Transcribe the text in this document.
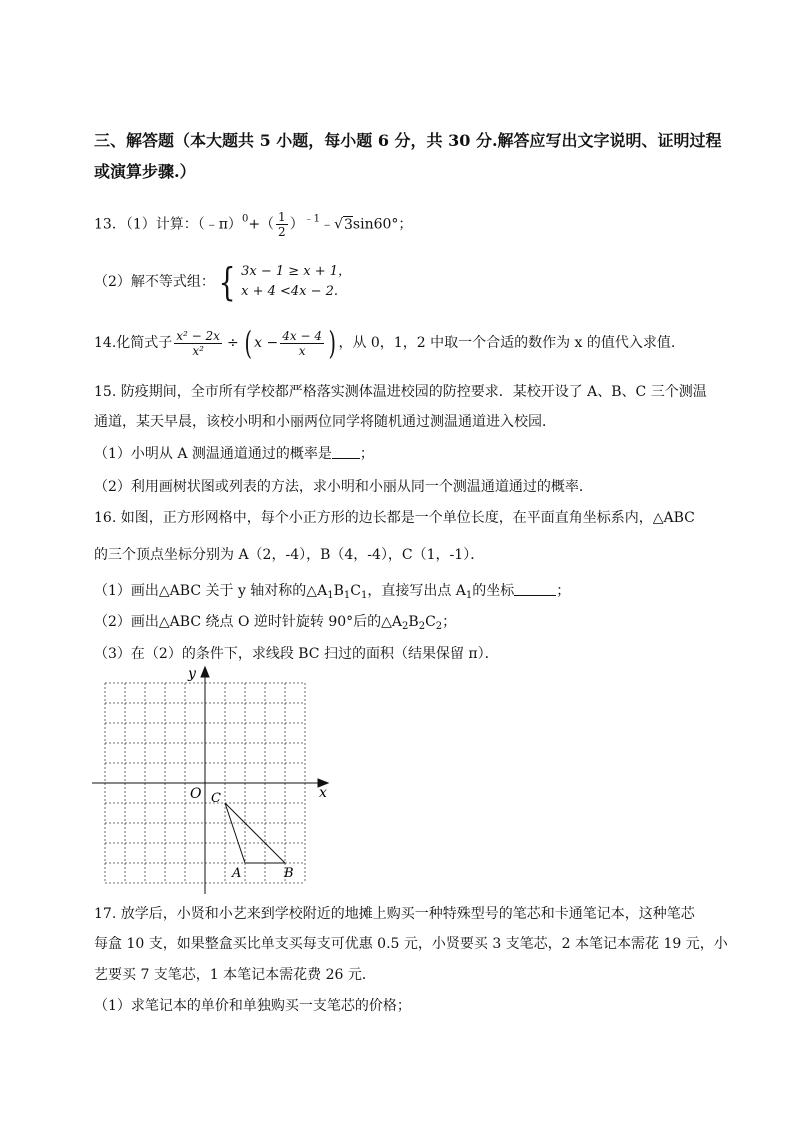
三、解答题（本大题共 5 小题，每小题 6 分，共 30 分.解答应写出文字说明、证明过程
或演算步骤.）
13．（1）计算：（﹣π）$^0$+（ $\frac{1}{2}$ ）$^{﹣1}$﹣√3sin60°；
（2）解不等式组：{ 3x − 1 ≥ x + 1，
x + 4 <4x − 2.
14.化简式子 $\frac{\text{x² − 2x}}{\text{x²}}$ ÷ ( $x - \frac{4x - 4}{x}$ ) ，从 0，1，2 中取一个合适的数作为 x 的值代入求值.
15. 防疫期间，全市所有学校都严格落实测体温进校园的防控要求．某校开设了 A、B、C 三个测温
通道，某天早晨，该校小明和小丽两位同学将随机通过测温通道进入校园．
（1）小明从 A 测温通道通过的概率是 ；
（2）利用画树状图或列表的方法，求小明和小丽从同一个测温通道通过的概率．
16. 如图，正方形网格中，每个小正方形的边长都是一个单位长度，在平面直角坐标系内，△ABC
的三个顶点坐标分别为 A（2，-4），B（4，-4），C（1，-1）．
（1）画出△ABC 关于 y 轴对称的$\triangle A_1B_1C_1$，直接写出点 $A_1$的坐标	；
（2）画出△ABC 绕点 O 逆时针旋转 90°后的$\triangle A_2B_2C_2$；
（3）在（2）的条件下，求线段 BC 扫过的面积（结果保留 π）．
y
x
O C
A	B
17. 放学后，小贤和小艺来到学校附近的地摊上购买一种特殊型号的笔芯和卡通笔记本，这种笔芯
每盒 10 支，如果整盒买比单支买每支可优惠 0.5 元，小贤要买 3 支笔芯，2 本笔记本需花 19 元，小
艺要买 7 支笔芯，1 本笔记本需花费 26 元．
（1）求笔记本的单价和单独购买一支笔芯的价格；
